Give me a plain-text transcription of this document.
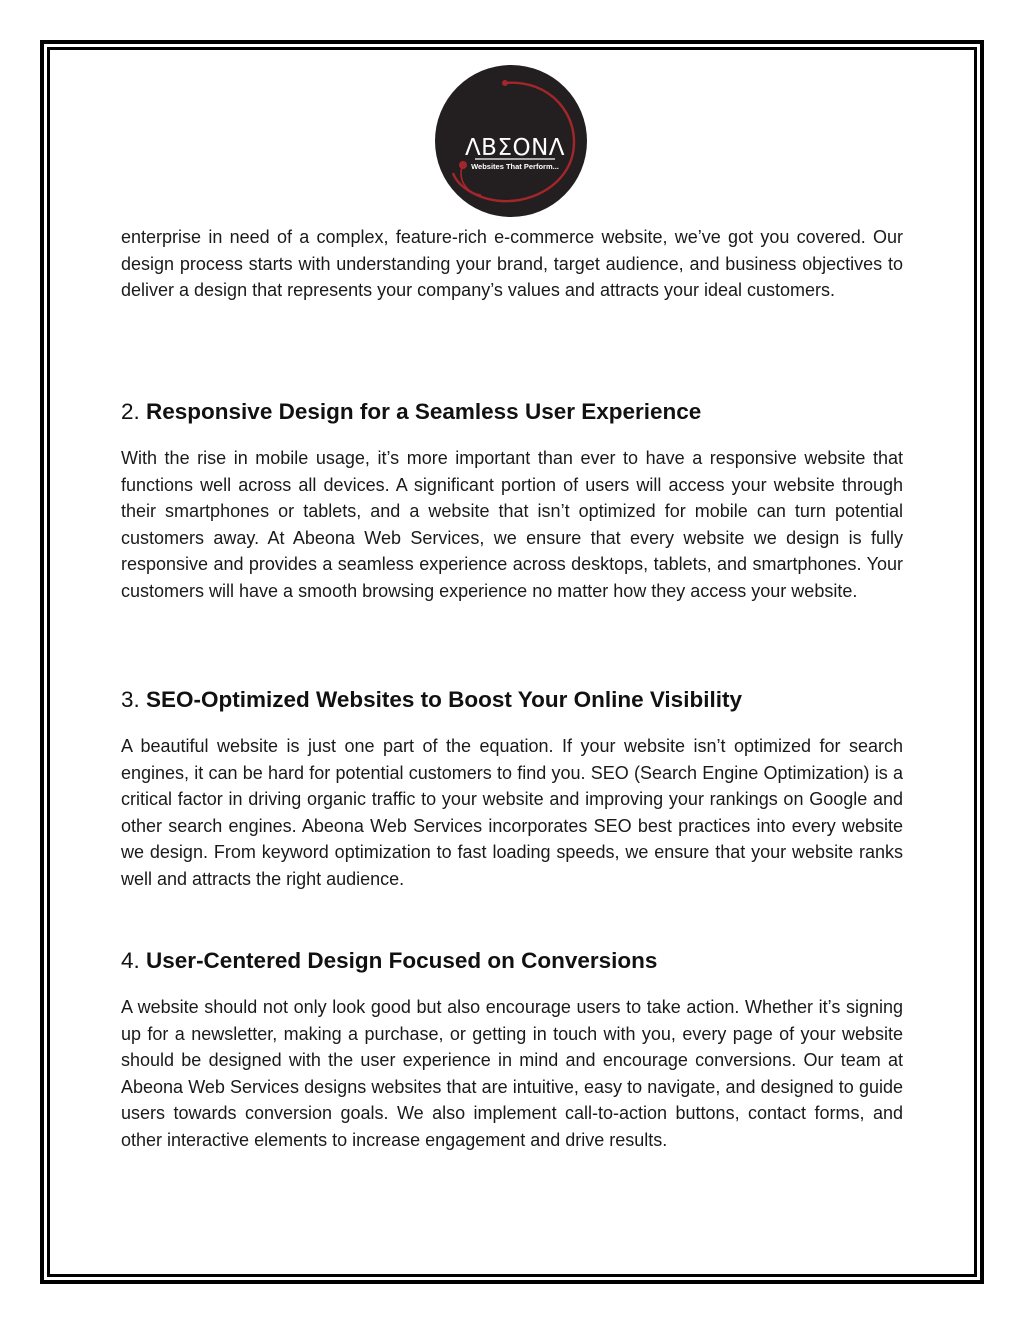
ΛΒΣΟΝΛ
Websites That Perform...

enterprise in need of a complex, feature-rich e-commerce website, we’ve got you covered. Our design process starts with understanding your brand, target audience, and business objectives to deliver a design that represents your company’s values and attracts your ideal customers.

2. Responsive Design for a Seamless User Experience

With the rise in mobile usage, it’s more important than ever to have a responsive website that functions well across all devices. A significant portion of users will access your website through their smartphones or tablets, and a website that isn’t optimized for mobile can turn potential customers away. At Abeona Web Services, we ensure that every website we design is fully responsive and provides a seamless experience across desktops, tablets, and smartphones. Your customers will have a smooth browsing experience no matter how they access your website.

3. SEO-Optimized Websites to Boost Your Online Visibility

A beautiful website is just one part of the equation. If your website isn’t optimized for search engines, it can be hard for potential customers to find you. SEO (Search Engine Optimization) is a critical factor in driving organic traffic to your website and improving your rankings on Google and other search engines. Abeona Web Services incorporates SEO best practices into every website we design. From keyword optimization to fast loading speeds, we ensure that your website ranks well and attracts the right audience.

4. User-Centered Design Focused on Conversions

A website should not only look good but also encourage users to take action. Whether it’s signing up for a newsletter, making a purchase, or getting in touch with you, every page of your website should be designed with the user experience in mind and encourage conversions. Our team at Abeona Web Services designs websites that are intuitive, easy to navigate, and designed to guide users towards conversion goals. We also implement call-to-action buttons, contact forms, and other interactive elements to increase engagement and drive results.
